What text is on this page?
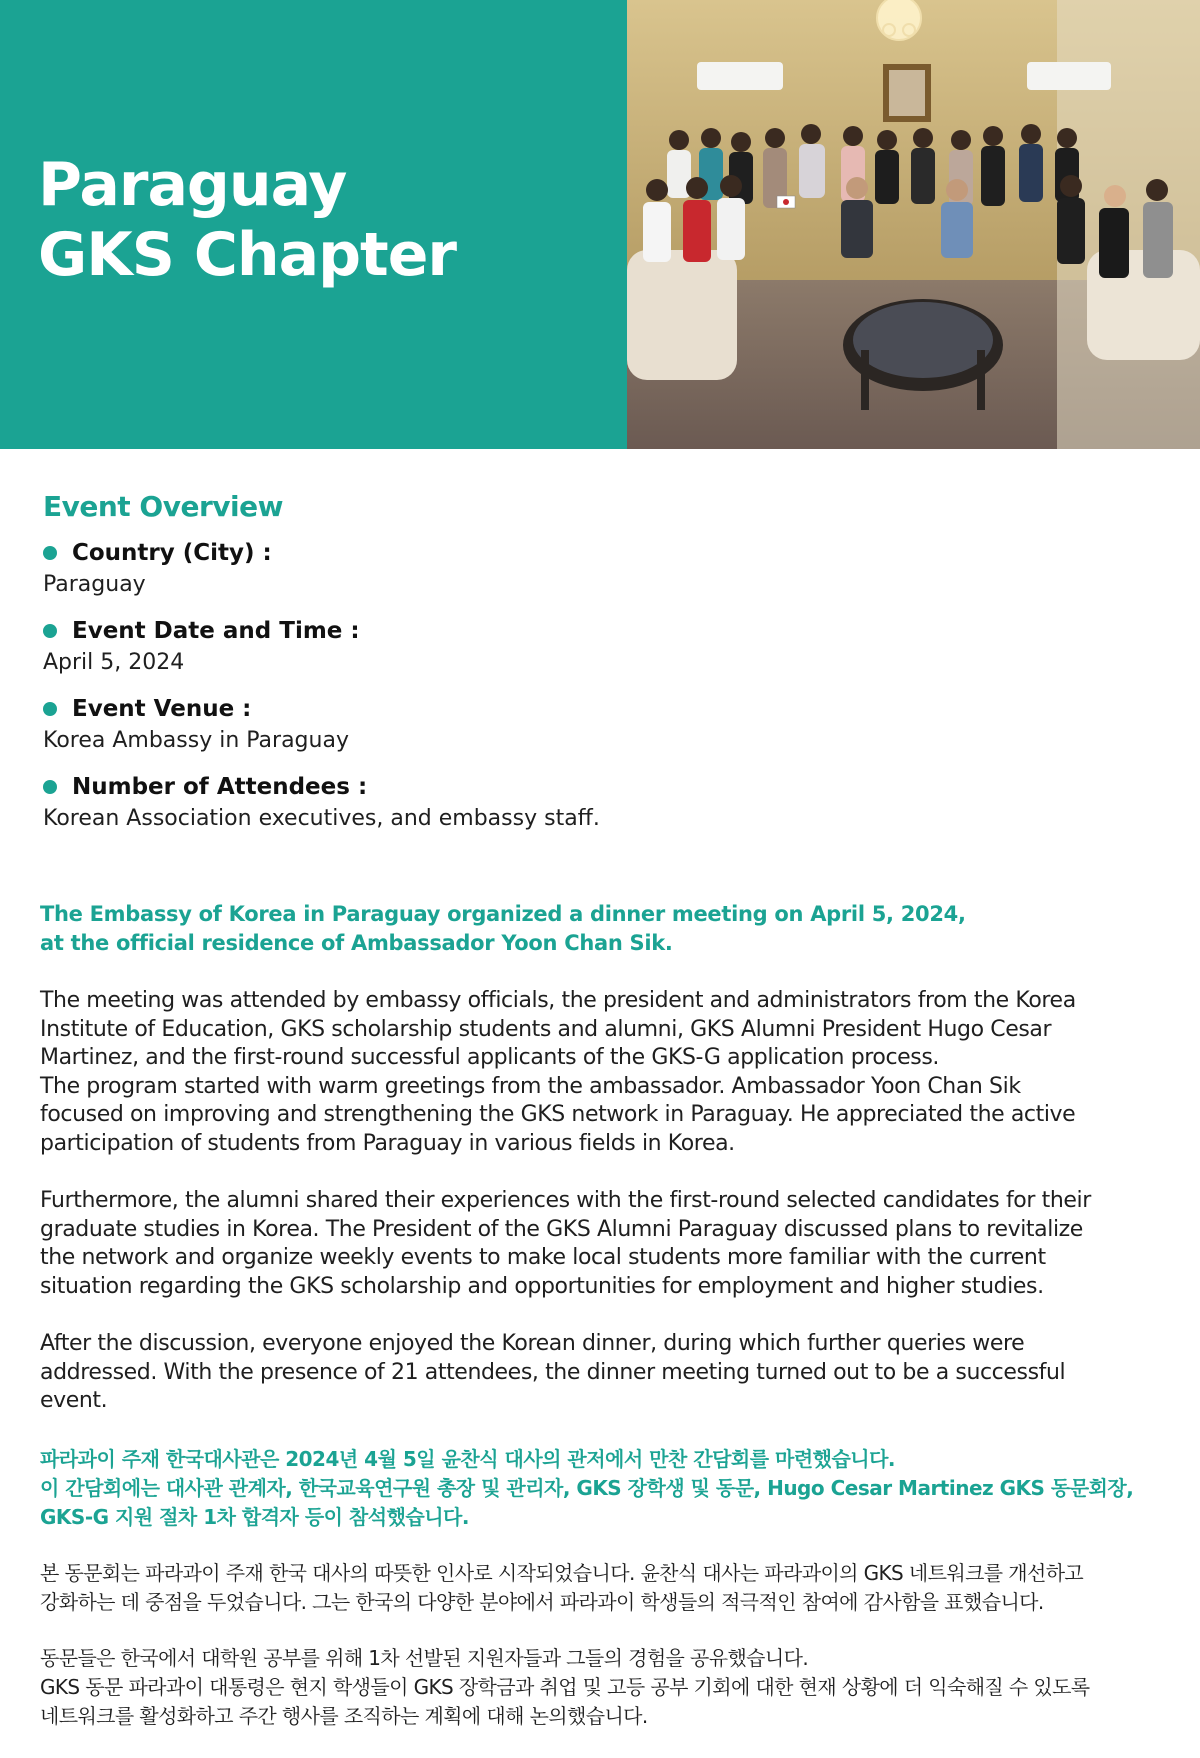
Paraguay
GKS Chapter
Event Overview
Country (City) :
Paraguay
Event Date and Time :
April 5, 2024
Event Venue :
Korea Ambassy in Paraguay
Number of Attendees :
Korean Association executives, and embassy staff.

The Embassy of Korea in Paraguay organized a dinner meeting on April 5, 2024,
at the official residence of Ambassador Yoon Chan Sik.

The meeting was attended by embassy officials, the president and administrators from the Korea
Institute of Education, GKS scholarship students and alumni, GKS Alumni President Hugo Cesar
Martinez, and the first-round successful applicants of the GKS-G application process.
The program started with warm greetings from the ambassador. Ambassador Yoon Chan Sik
focused on improving and strengthening the GKS network in Paraguay. He appreciated the active
participation of students from Paraguay in various fields in Korea.

Furthermore, the alumni shared their experiences with the first-round selected candidates for their
graduate studies in Korea. The President of the GKS Alumni Paraguay discussed plans to revitalize
the network and organize weekly events to make local students more familiar with the current
situation regarding the GKS scholarship and opportunities for employment and higher studies.

After the discussion, everyone enjoyed the Korean dinner, during which further queries were
addressed. With the presence of 21 attendees, the dinner meeting turned out to be a successful
event.

파라과이 주재 한국대사관은 2024년 4월 5일 윤찬식 대사의 관저에서 만찬 간담회를 마련했습니다.
이 간담회에는 대사관 관계자, 한국교육연구원 총장 및 관리자, GKS 장학생 및 동문, Hugo Cesar Martinez GKS 동문회장,
GKS-G 지원 절차 1차 합격자 등이 참석했습니다.

본 동문회는 파라과이 주재 한국 대사의 따뜻한 인사로 시작되었습니다. 윤찬식 대사는 파라과이의 GKS 네트워크를 개선하고
강화하는 데 중점을 두었습니다. 그는 한국의 다양한 분야에서 파라과이 학생들의 적극적인 참여에 감사함을 표했습니다.

동문들은 한국에서 대학원 공부를 위해 1차 선발된 지원자들과 그들의 경험을 공유했습니다.
GKS 동문 파라과이 대통령은 현지 학생들이 GKS 장학금과 취업 및 고등 공부 기회에 대한 현재 상황에 더 익숙해질 수 있도록
네트워크를 활성화하고 주간 행사를 조직하는 계획에 대해 논의했습니다.
